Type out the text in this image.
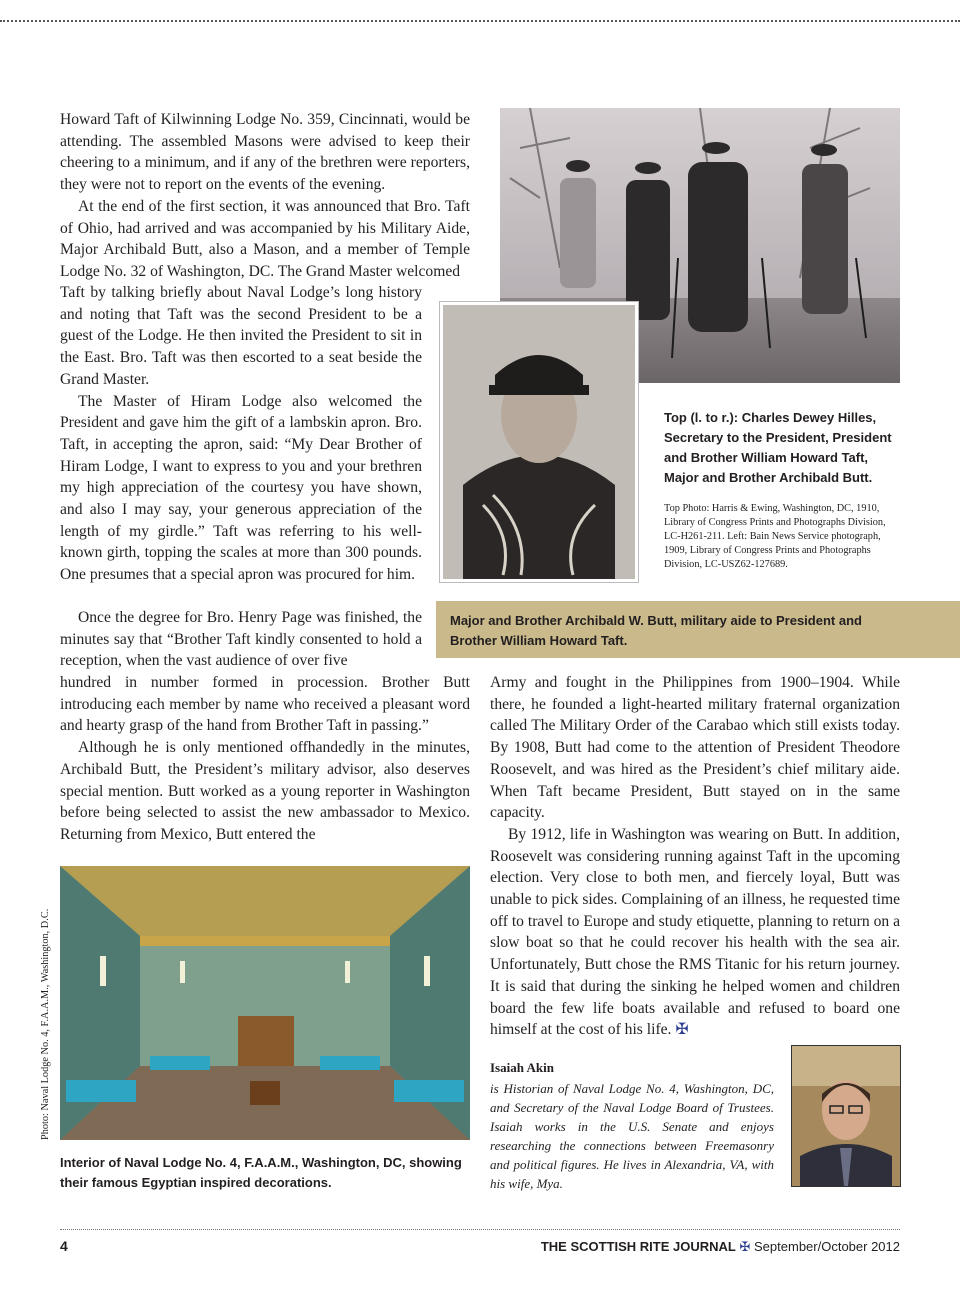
Howard Taft of Kilwinning Lodge No. 359, Cincinnati, would be attending. The assembled Masons were advised to keep their cheering to a minimum, and if any of the brethren were reporters, they were not to report on the events of the evening.

At the end of the first section, it was announced that Bro. Taft of Ohio, had arrived and was accompanied by his Military Aide, Major Archibald Butt, also a Mason, and a member of Temple Lodge No. 32 of Washington, DC. The Grand Master welcomed

Taft by talking briefly about Naval Lodge’s long history and noting that Taft was the second President to be a guest of the Lodge. He then invited the President to sit in the East. Bro. Taft was then escorted to a seat beside the Grand Master.

The Master of Hiram Lodge also welcomed the President and gave him the gift of a lambskin apron. Bro. Taft, in accepting the apron, said: “My Dear Brother of Hiram Lodge, I want to express to you and your brethren my high appreciation of the courtesy you have shown, and also I may say, your generous appreciation of the length of my girdle.” Taft was referring to his well-known girth, topping the scales at more than 300 pounds. One presumes that a special apron was procured for him.

Once the degree for Bro. Henry Page was finished, the minutes say that “Brother Taft kindly consented to hold a reception, when the vast audience of over five

hundred in number formed in procession. Brother Butt introducing each member by name who received a pleasant word and hearty grasp of the hand from Brother Taft in passing.”

Although he is only mentioned offhandedly in the minutes, Archibald Butt, the President’s military advisor, also deserves special mention. Butt worked as a young reporter in Washington before being selected to assist the new ambassador to Mexico. Returning from Mexico, Butt entered the

Army and fought in the Philippines from 1900–1904. While there, he founded a light-hearted military fraternal organization called The Military Order of the Carabao which still exists today. By 1908, Butt had come to the attention of President Theodore Roosevelt, and was hired as the President’s chief military aide. When Taft became President, Butt stayed on in the same capacity.

By 1912, life in Washington was wearing on Butt. In addition, Roosevelt was considering running against Taft in the upcoming election. Very close to both men, and fiercely loyal, Butt was unable to pick sides. Complaining of an illness, he requested time off to travel to Europe and study etiquette, planning to return on a slow boat so that he could recover his health with the sea air. Unfortunately, Butt chose the RMS Titanic for his return journey. It is said that during the sinking he helped women and children board the few life boats available and refused to board one himself at the cost of his life. ✠

Top (l. to r.): Charles Dewey Hilles, Secretary to the President, President and Brother William Howard Taft, Major and Brother Archibald Butt.
Top Photo: Harris & Ewing, Washington, DC, 1910, Library of Congress Prints and Photographs Division, LC-H261-211. Left: Bain News Service photograph, 1909, Library of Congress Prints and Photographs Division, LC-USZ62-127689.
Major and Brother Archibald W. Butt, military aide to President and Brother William Howard Taft.
Interior of Naval Lodge No. 4, F.A.A.M., Washington, DC, showing their famous Egyptian inspired decorations.
Photo: Naval Lodge No. 4, F.A.A.M., Washington, D.C.	Isaiah Akin
is Historian of Naval Lodge No. 4, Washington, DC, and Secretary of the Naval Lodge Board of Trustees. Isaiah works in the U.S. Senate and enjoys researching the connections between Freemasonry and political figures. He lives in Alexandria, VA, with his wife, Mya.
4	THE SCOTTISH RITE JOURNAL ✠ September/October 2012
